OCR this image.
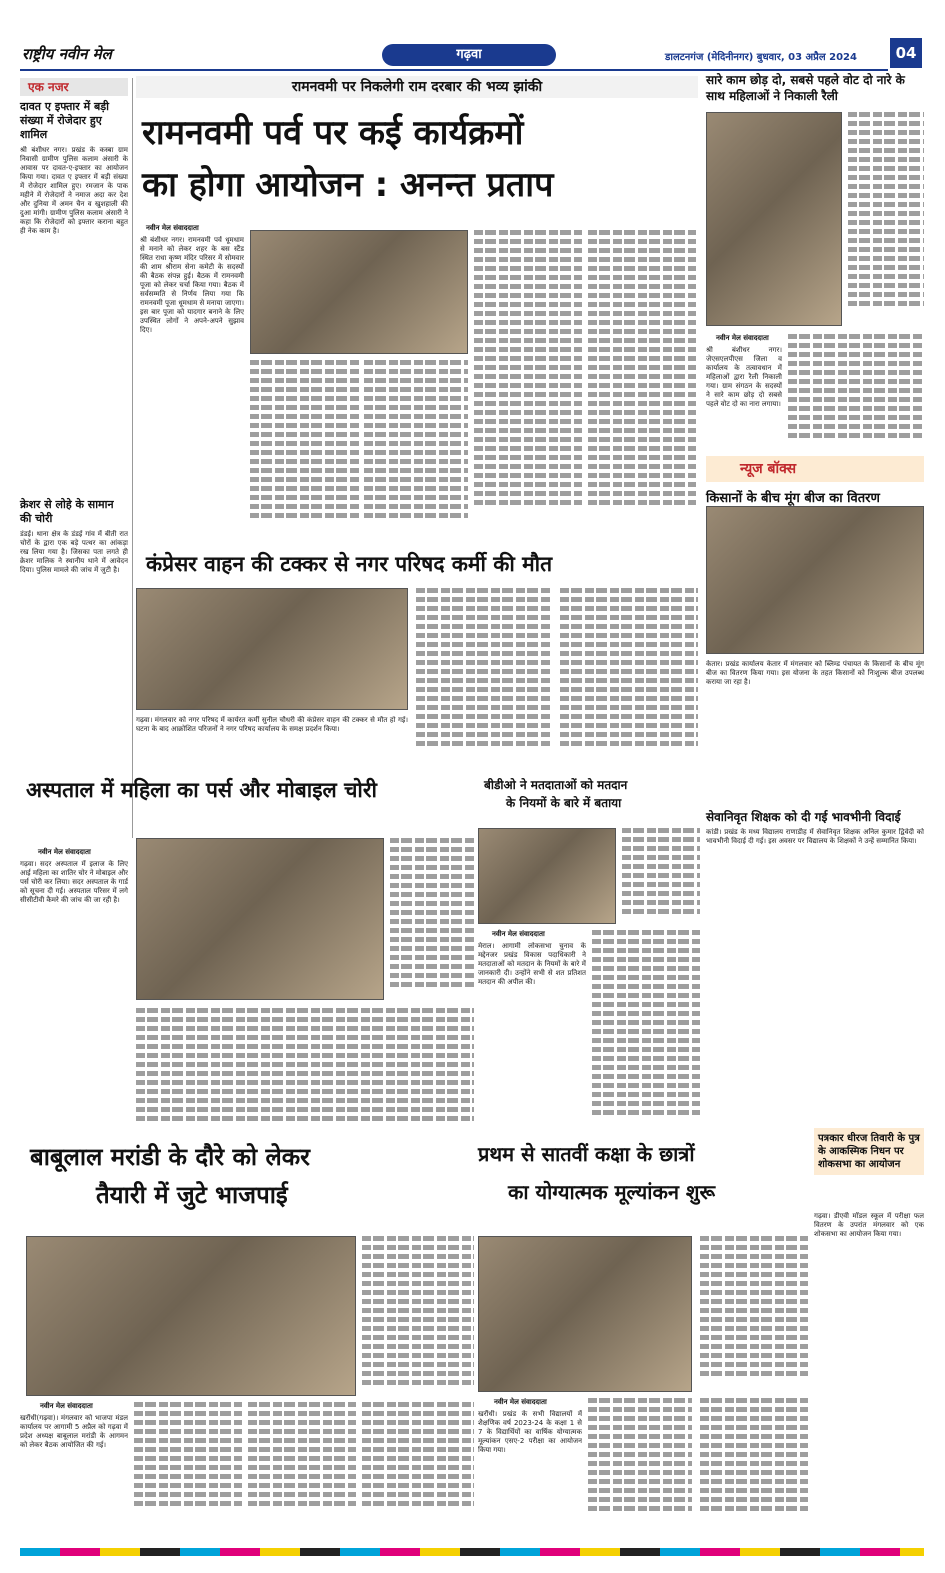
राष्ट्रीय नवीन मेल	गढ़वा	डालटनगंज (मेदिनीनगर) बुधवार, 03 अप्रैल 2024	04
एक नजर
दावत ए इफ्तार में बड़ी संख्या में रोजेदार हुए शामिल
श्री बंशीधर नगर। प्रखंड के कस्बा ग्राम निवासी ग्रामीण पुलिस कलाम अंसारी के आवास पर दावत-ए-इफ्तार का आयोजन किया गया। दावत ए इफ्तार में बड़ी संख्या में रोजेदार शामिल हुए। रमजान के पाक महीने में रोजेदारों ने नमाज अदा कर देश और दुनिया में अमन चैन व खुशहाली की दुआ मांगी। ग्रामीण पुलिस कलाम अंसारी ने कहा कि रोजेदारों को इफ्तार कराना बहुत ही नेक काम है।
क्रेशर से लोहे के सामान की चोरी
डंडई। थाना क्षेत्र के डंडई गांव में बीती रात चोरों के द्वारा एक बड़े पत्थर का आंकड़ा रख लिया गया है। जिसका पता लगते ही क्रेशर मालिक ने स्थानीय थाने में आवेदन दिया। पुलिस मामले की जांच में जुटी है।
रामनवमी पर निकलेगी राम दरबार की भव्य झांकी
रामनवमी पर्व पर कई कार्यक्रमों
का होगा आयोजन : अनन्त प्रताप
नवीन मेल संवाददाता
श्री बंशीधर नगर। रामनवमी पर्व धूमधाम से मनाने को लेकर शहर के बस स्टैंड स्थित राधा कृष्ण मंदिर परिसर में सोमवार की शाम श्रीराम सेना कमेटी के सदस्यों की बैठक संपन्न हुई। बैठक में रामनवमी पूजा को लेकर चर्चा किया गया। बैठक में सर्वसम्मति से निर्णय लिया गया कि रामनवमी पूजा धूमधाम से मनाया जाएगा। इस बार पूजा को यादगार बनाने के लिए उपस्थित लोगों ने अपने-अपने सुझाव दिए।
सारे काम छोड़ दो, सबसे पहले वोट दो नारे के साथ महिलाओं ने निकाली रैली
नवीन मेल संवाददाता
श्री बंशीधर नगर। जेएसएलपीएस जिला व कार्यालय के तत्वावधान में महिलाओं द्वारा रैली निकाली गया। ग्राम संगठन के सदस्यों ने सारे काम छोड़ दो सबसे पहले वोट दो का नारा लगाया।
न्यूज बॉक्स
किसानों के बीच मूंग बीज का वितरण
केतार। प्रखंड कार्यालय केतार में मंगलवार को ब्लिम्ड पंचायत के किसानों के बीच मूंग बीज का वितरण किया गया। इस योजना के तहत किसानों को निःशुल्क बीज उपलब्ध कराया जा रहा है।
सेवानिवृत शिक्षक को दी गई भावभीनी विदाई
कांडी। प्रखंड के मध्य विद्यालय राणाडीह में सेवानिवृत शिक्षक अनिल कुमार द्विवेदी को भावभीनी विदाई दी गई। इस अवसर पर विद्यालय के शिक्षकों ने उन्हें सम्मानित किया।
कंप्रेसर वाहन की टक्कर से नगर परिषद कर्मी की मौत
गढ़वा। मंगलवार को नगर परिषद में कार्यरत कर्मी सुनील चौधरी की कंप्रेसर वाहन की टक्कर से मौत हो गई। घटना के बाद आक्रोशित परिजनों ने नगर परिषद कार्यालय के समक्ष प्रदर्शन किया।
अस्पताल में महिला का पर्स और मोबाइल चोरी
नवीन मेल संवाददाता
गढ़वा। सदर अस्पताल में इलाज के लिए आई महिला का शातिर चोर ने मोबाइल और पर्स चोरी कर लिया। सदर अस्पताल के गार्ड को सूचना दी गई। अस्पताल परिसर में लगे सीसीटीवी कैमरे की जांच की जा रही है।
बीडीओ ने मतदाताओं को मतदान
के नियमों के बारे में बताया
नवीन मेल संवाददाता
मेराल। आगामी लोकसभा चुनाव के मद्देनजर प्रखंड विकास पदाधिकारी ने मतदाताओं को मतदान के नियमों के बारे में जानकारी दी। उन्होंने सभी से शत प्रतिशत मतदान की अपील की।
बाबूलाल मरांडी के दौरे को लेकर
तैयारी में जुटे भाजपाई
नवीन मेल संवाददाता
खरौंधी(गढ़वा)। मंगलवार को भाजपा मंडल कार्यालय पर आगामी 5 अप्रैल को गढ़वा में प्रदेश अध्यक्ष बाबूलाल मरांडी के आगमन को लेकर बैठक आयोजित की गई।
प्रथम से सातवीं कक्षा के छात्रों
का योग्यात्मक मूल्यांकन शुरू
नवीन मेल संवाददाता
खरौंधी। प्रखंड के सभी विद्यालयों में शैक्षणिक वर्ष 2023-24 के कक्षा 1 से 7 के विद्यार्थियों का वार्षिक योग्यात्मक मूल्यांकन एसए-2 परीक्षा का आयोजन किया गया।
पत्रकार धीरज तिवारी के पुत्र के आकस्मिक निधन पर शोकसभा का आयोजन
गढ़वा। डीएवी मॉडल स्कूल में परीक्षा फल वितरण के उपरांत मंगलवार को एक शोकसभा का आयोजन किया गया।
